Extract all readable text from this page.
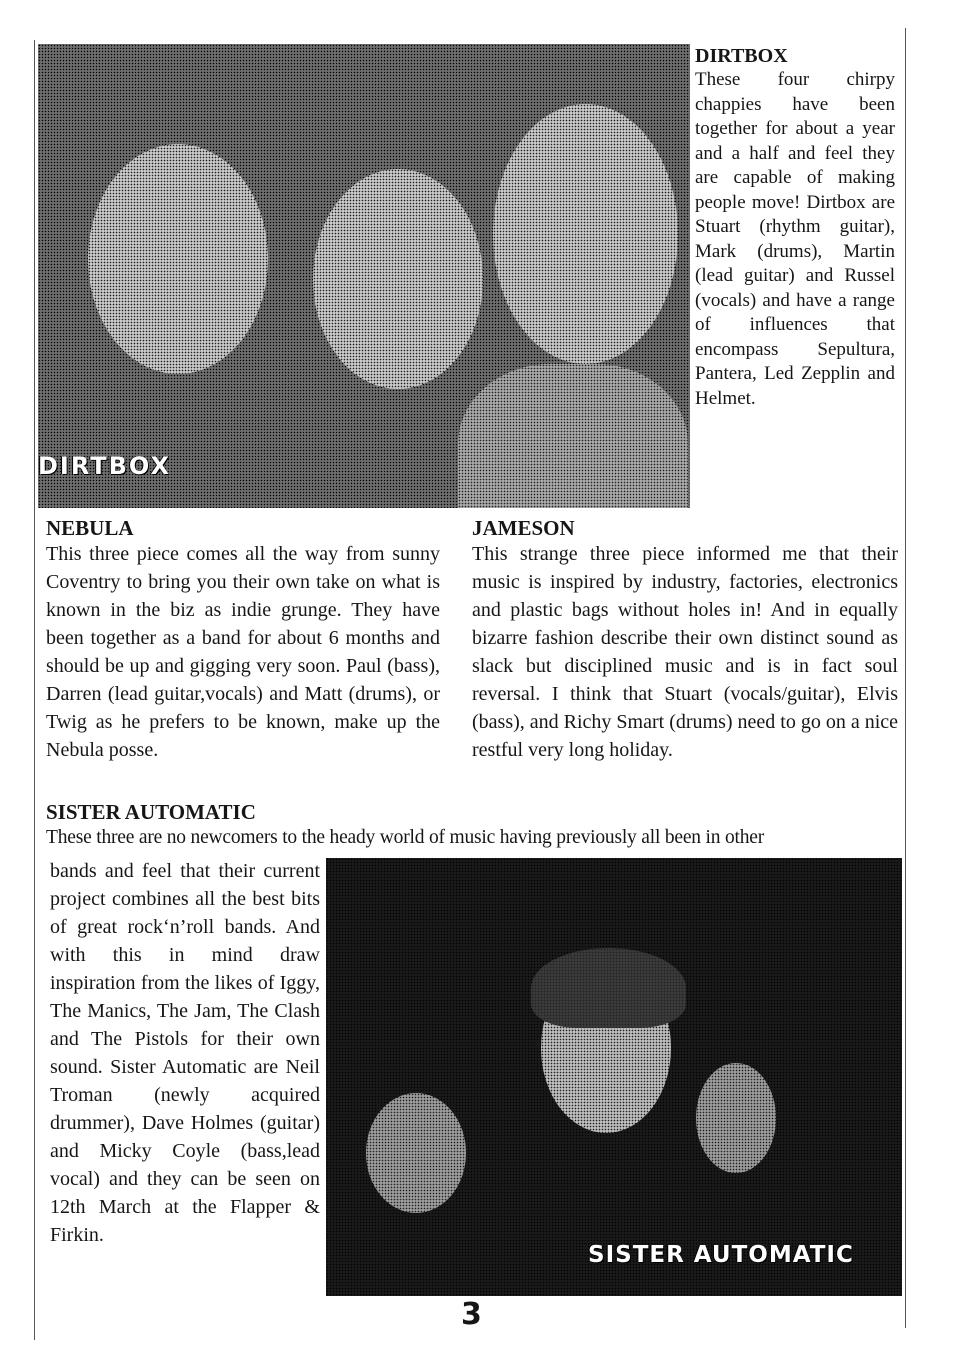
DIRTBOX

DIRTBOX

These four chirpy chappies have been together for about a year and a half and feel they are capable of making people move! Dirtbox are Stuart (rhythm guitar), Mark (drums), Martin (lead guitar) and Russel (vocals) and have a range of influences that encompass Sepultura, Pantera, Led Zepplin and Helmet.

NEBULA

This three piece comes all the way from sunny Coventry to bring you their own take on what is known in the biz as indie grunge. They have been together as a band for about 6 months and should be up and gigging very soon. Paul (bass), Darren (lead guitar,vocals) and Matt (drums), or Twig as he prefers to be known, make up the Nebula posse.

JAMESON

This strange three piece informed me that their music is inspired by industry, factories, electronics and plastic bags without holes in! And in equally bizarre fashion describe their own distinct sound as slack but disciplined music and is in fact soul reversal. I think that Stuart (vocals/guitar), Elvis (bass), and Richy Smart (drums) need to go on a nice restful very long holiday.

SISTER AUTOMATIC

These three are no newcomers to the heady world of music having previously all been in other

bands and feel that their current project combines all the best bits of great rock‘n’roll bands. And with this in mind draw inspiration from the likes of Iggy, The Manics, The Jam, The Clash and The Pistols for their own sound. Sister Automatic are Neil Troman (newly acquired drummer), Dave Holmes (guitar) and Micky Coyle (bass,lead vocal) and they can be seen on 12th March at the Flapper & Firkin.

SISTER AUTOMATIC
3
